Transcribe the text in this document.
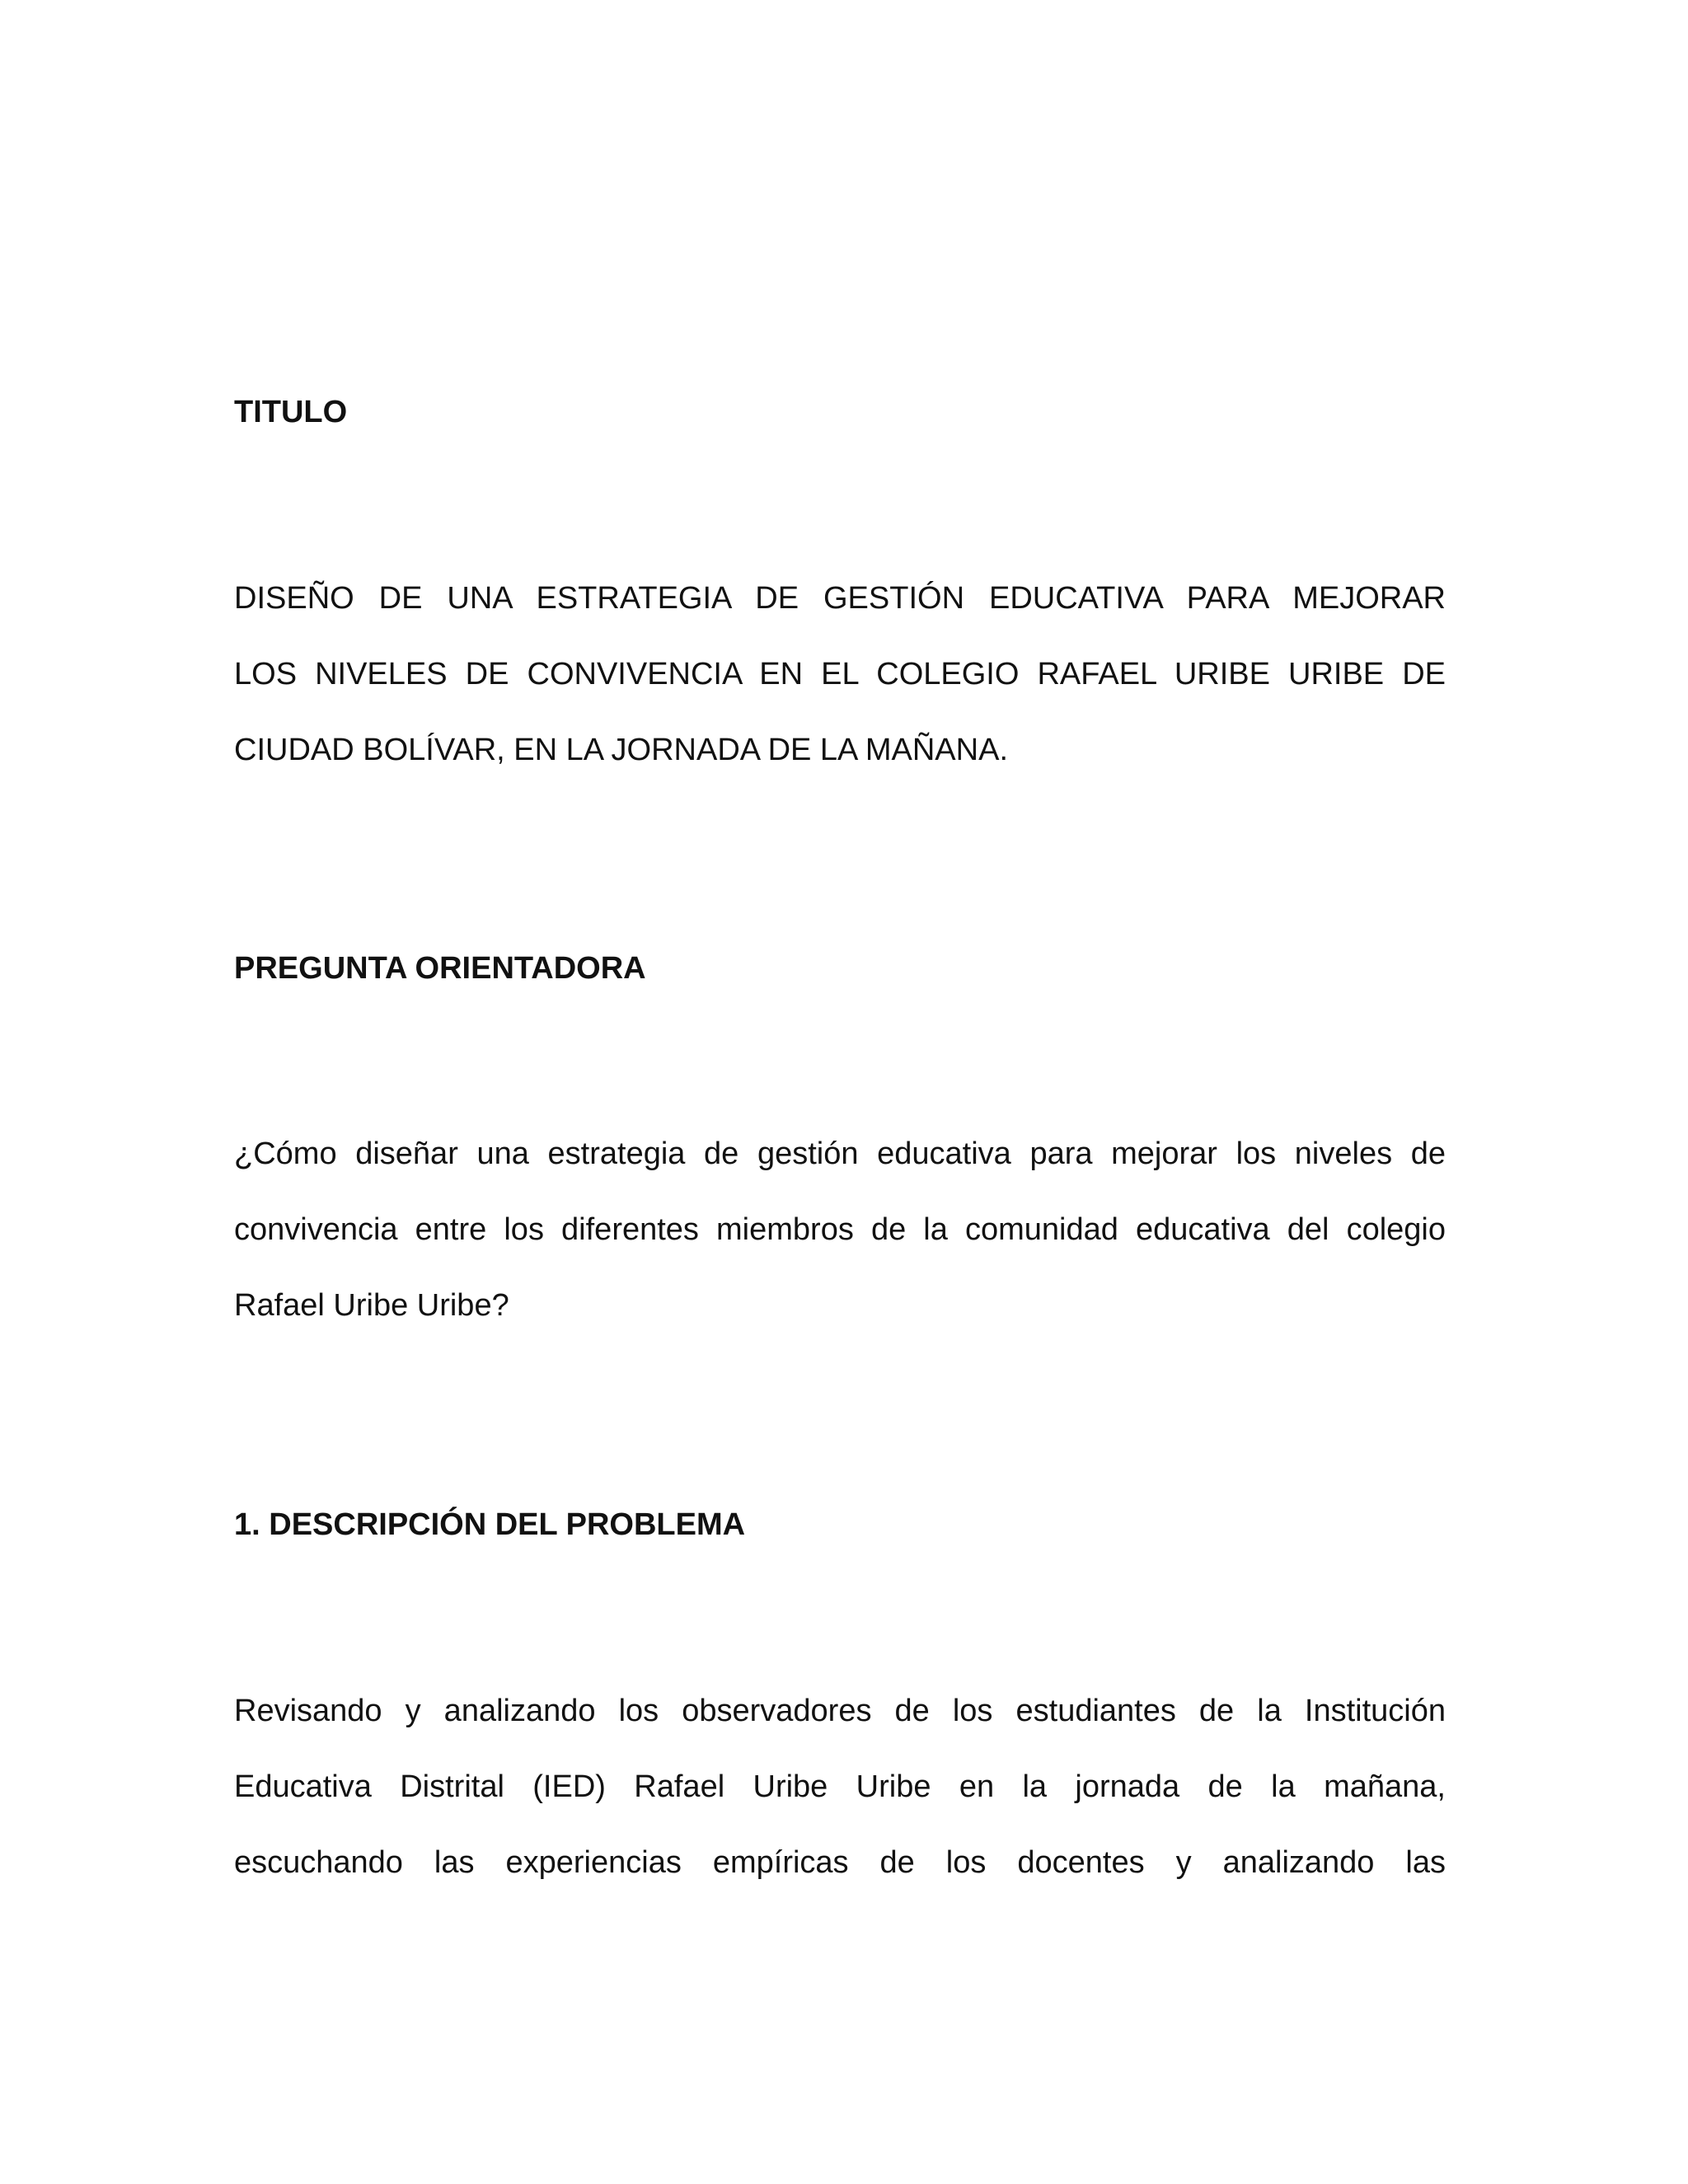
TITULO
DISEÑO DE UNA ESTRATEGIA DE GESTIÓN EDUCATIVA PARA MEJORAR
LOS NIVELES DE CONVIVENCIA EN EL COLEGIO RAFAEL URIBE URIBE DE
CIUDAD BOLÍVAR, EN LA JORNADA DE LA MAÑANA.
PREGUNTA ORIENTADORA
¿Cómo diseñar una estrategia de gestión educativa para mejorar los niveles de
convivencia entre los diferentes miembros de la comunidad educativa del colegio
Rafael Uribe Uribe?
1. DESCRIPCIÓN DEL PROBLEMA
Revisando y analizando los observadores de los estudiantes de la Institución
Educativa Distrital (IED) Rafael Uribe Uribe en la jornada de la mañana,
escuchando las experiencias empíricas de los docentes y analizando las
